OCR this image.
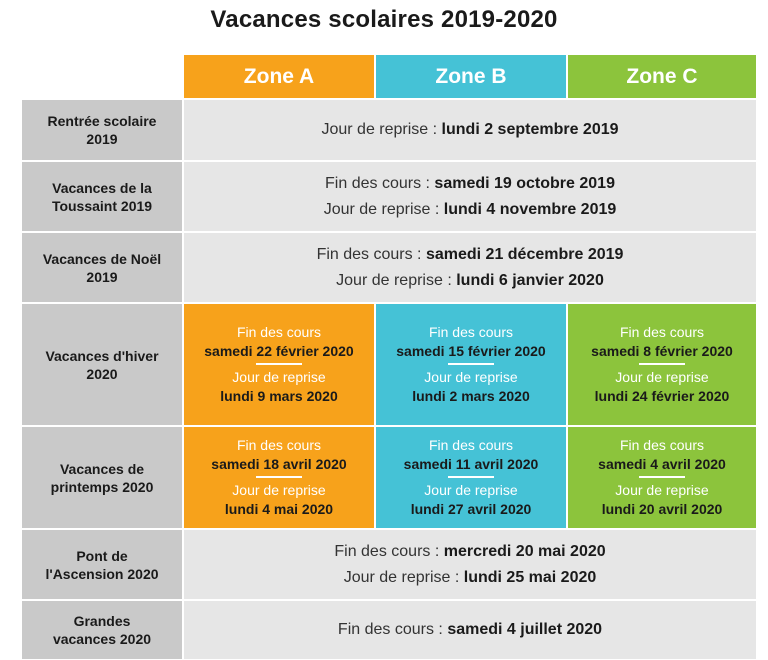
Vacances scolaires 2019-2020
Zone A	Zone B	Zone C
Rentrée scolaire
2019
Jour de reprise : lundi 2 septembre 2019
Vacances de la
Toussaint 2019
Fin des cours : samedi 19 octobre 2019
Jour de reprise : lundi 4 novembre 2019
Vacances de Noël
2019
Fin des cours : samedi 21 décembre 2019
Jour de reprise : lundi 6 janvier 2020
Vacances d'hiver
2020
Fin des cours
samedi 22 février 2020
Jour de reprise
lundi 9 mars 2020
Fin des cours
samedi 15 février 2020
Jour de reprise
lundi 2 mars 2020
Fin des cours
samedi 8 février 2020
Jour de reprise
lundi 24 février 2020
Vacances de
printemps 2020
Fin des cours
samedi 18 avril 2020
Jour de reprise
lundi 4 mai 2020
Fin des cours
samedi 11 avril 2020
Jour de reprise
lundi 27 avril 2020
Fin des cours
samedi 4 avril 2020
Jour de reprise
lundi 20 avril 2020
Pont de
l'Ascension 2020
Fin des cours : mercredi 20 mai 2020
Jour de reprise : lundi 25 mai 2020
Grandes
vacances 2020
Fin des cours : samedi 4 juillet 2020
